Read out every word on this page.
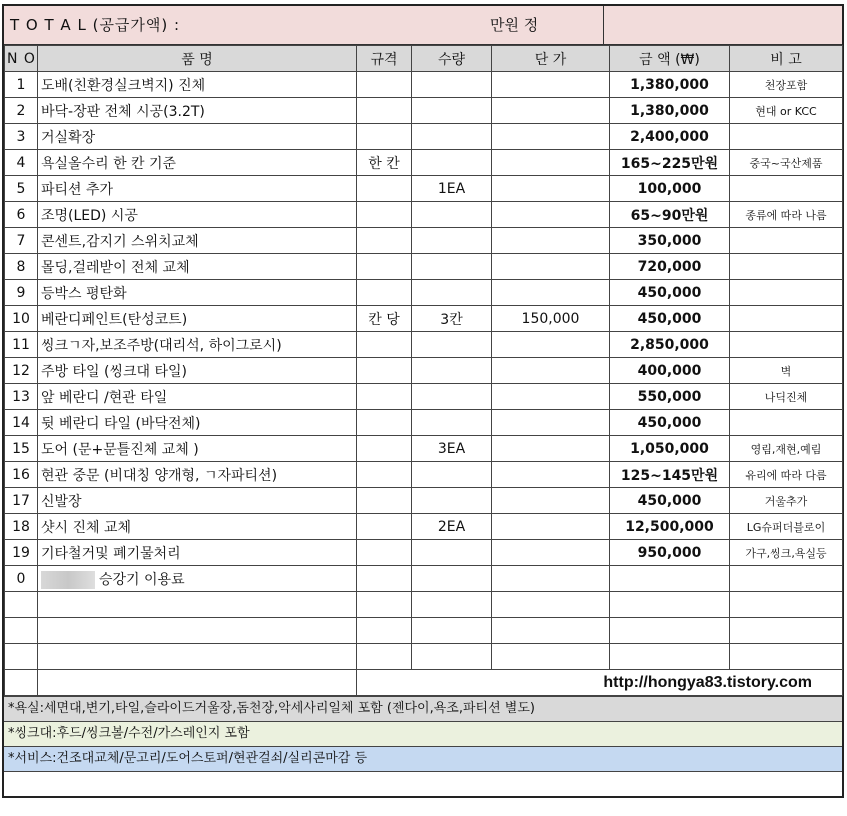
T O T A L (공급가액) :	만원 정
N O	품 명	규격	수량	단 가	금 액 (₩)	비 고
1	도배(친환경실크벽지) 진체				1,380,000	천장포함
2	바닥-장판 전체 시공(3.2T)				1,380,000	현대 or KCC
3	거실확장				2,400,000	
4	욕실올수리 한 칸 기준	한 칸			165~225만원	중국~국산제품
5	파티션 추가		1EA		100,000	
6	조명(LED) 시공				65~90만원	종류에 따라 나름
7	콘센트,감지기 스위치교체				350,000	
8	몰딩,걸레받이 전체 교체				720,000	
9	등박스 평탄화				450,000	
10	베란디페인트(탄성코트)	칸 당	3칸	150,000	450,000	
11	씽크ㄱ자,보조주방(대리석, 하이그로시)				2,850,000	
12	주방 타일 (씽크대 타일)				400,000	벽
13	앞 베란디 /현관 타일				550,000	나딕진체
14	뒷 베란디 타일 (바닥전체)				450,000	
15	도어 (문+문틀진체 교체 )		3EA		1,050,000	영림,재현,예림
16	현관 중문 (비대칭 양개형, ㄱ자파티션)				125~145만원	유리에 따라 다름
17	신발장				450,000	거울추가
18	샷시 진체 교체		2EA		12,500,000	LG슈퍼더블로이
19	기타철거및 폐기물처리				950,000	가구,씽크,욕실등
0	승강기 이용료					

		http://hongya83.tistory.com				
*욕실:세면대,변기,타일,슬라이드거울장,돔천장,악세사리일체 포함 (젠다이,욕조,파티션 별도)
*씽크대:후드/씽크볼/수전/가스레인지 포함
*서비스:건조대교체/문고리/도어스토퍼/현관걸쇠/실리콘마감 등
